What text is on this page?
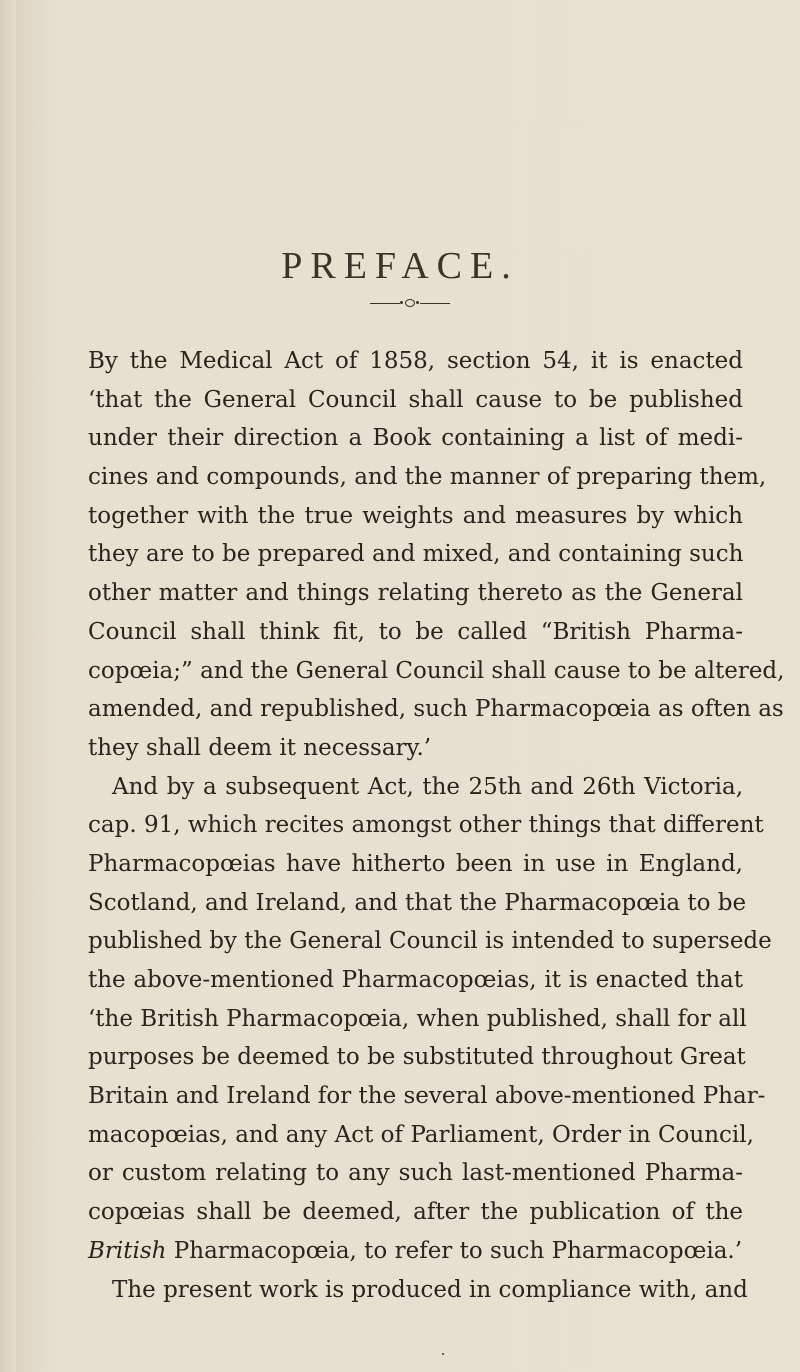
PREFACE.
By the Medical Act of 1858, section 54, it is enacted
‘that the General Council shall cause to be published
under their direction a Book containing a list of medi-
cines and compounds, and the manner of preparing them,
together with the true weights and measures by which
they are to be prepared and mixed, and containing such
other matter and things relating thereto as the General
Council shall think fit, to be called “British Pharma-
copœia;” and the General Council shall cause to be altered,
amended, and republished, such Pharmacopœia as often as
they shall deem it necessary.’
And by a subsequent Act, the 25th and 26th Victoria,
cap. 91, which recites amongst other things that different
Pharmacopœias have hitherto been in use in England,
Scotland, and Ireland, and that the Pharmacopœia to be
published by the General Council is intended to supersede
the above-mentioned Pharmacopœias, it is enacted that
‘the British Pharmacopœia, when published, shall for all
purposes be deemed to be substituted throughout Great
Britain and Ireland for the several above-mentioned Phar-
macopœias, and any Act of Parliament, Order in Council,
or custom relating to any such last-mentioned Pharma-
copœias shall be deemed, after the publication of the
British Pharmacopœia, to refer to such Pharmacopœia.’
The present work is produced in compliance with, and
